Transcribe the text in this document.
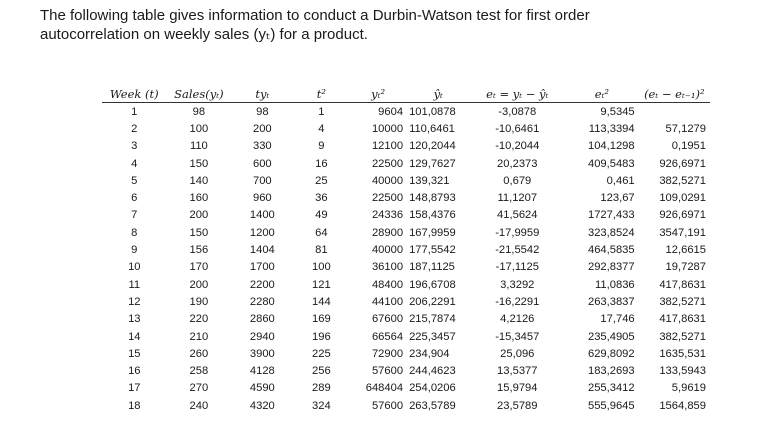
The following table gives information to conduct a Durbin-Watson test for first order
autocorrelation on weekly sales (yₜ) for a product.
Week (t)	Sales(yₜ)	tyₜ	t²	yₜ²	ŷₜ	eₜ = yₜ − ŷₜ	eₜ²	(eₜ − eₜ₋₁)²
1	98	98	1	9604	101,0878	-3,0878	9,5345	
2	100	200	4	10000	110,6461	-10,6461	113,3394	57,1279
3	110	330	9	12100	120,2044	-10,2044	104,1298	0,1951
4	150	600	16	22500	129,7627	20,2373	409,5483	926,6971
5	140	700	25	40000	139,321	0,679	0,461	382,5271
6	160	960	36	22500	148,8793	11,1207	123,67	109,0291
7	200	1400	49	24336	158,4376	41,5624	1727,433	926,6971
8	150	1200	64	28900	167,9959	-17,9959	323,8524	3547,191
9	156	1404	81	40000	177,5542	-21,5542	464,5835	12,6615
10	170	1700	100	36100	187,1125	-17,1125	292,8377	19,7287
11	200	2200	121	48400	196,6708	3,3292	11,0836	417,8631
12	190	2280	144	44100	206,2291	-16,2291	263,3837	382,5271
13	220	2860	169	67600	215,7874	4,2126	17,746	417,8631
14	210	2940	196	66564	225,3457	-15,3457	235,4905	382,5271
15	260	3900	225	72900	234,904	25,096	629,8092	1635,531
16	258	4128	256	57600	244,4623	13,5377	183,2693	133,5943
17	270	4590	289	648404	254,0206	15,9794	255,3412	5,9619
18	240	4320	324	57600	263,5789	23,5789	555,9645	1564,859
